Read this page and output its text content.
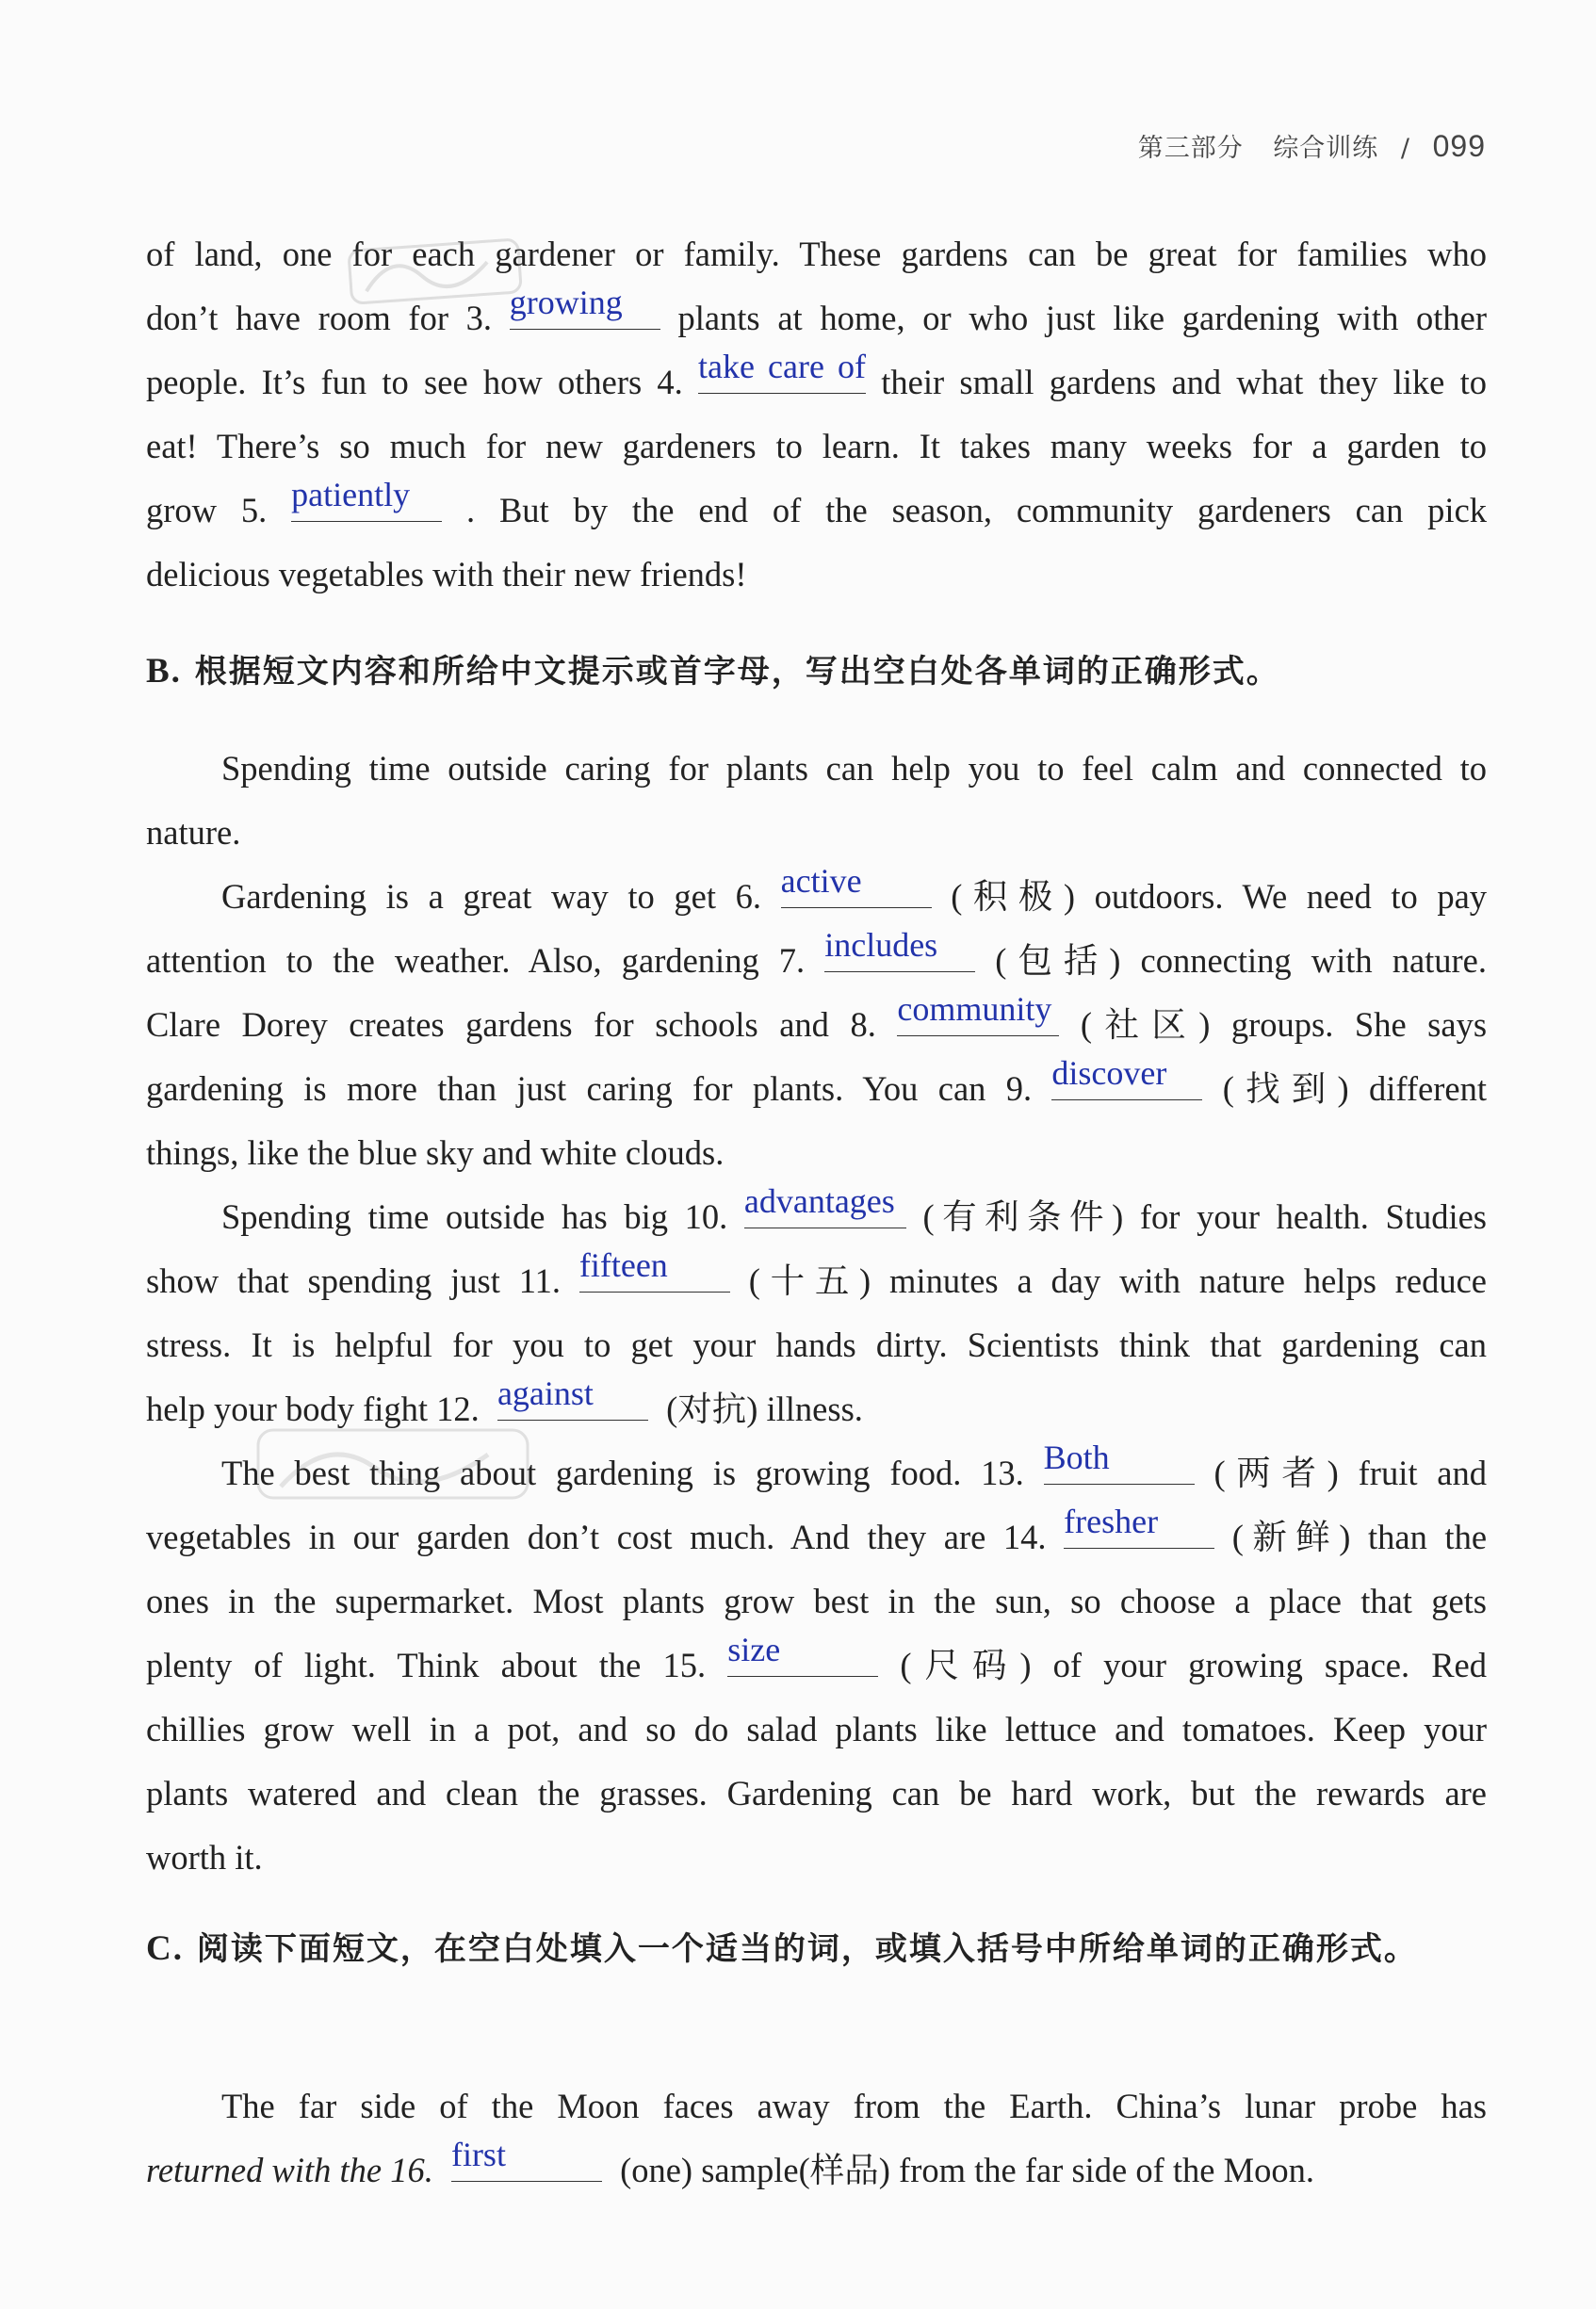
第三部分 综合训练 / 099
of land, one for each gardener or family. These gardens can be great for families who
don’t have room for 3. growing	plants at home, or who just like gardening with other
people. It’s fun to see how others 4. take care of their small gardens and what they like to
eat! There’s so much for new gardeners to learn. It takes many weeks for a garden to
grow 5. patiently	. But by the end of the season, community gardeners can pick
delicious vegetables with their new friends!
B. 根据短文内容和所给中文提示或首字母，写出空白处各单词的正确形式。
Spending time outside caring for plants can help you to feel calm and connected to
nature.
Gardening is a great way to get 6. active	(积极) outdoors. We need to pay
attention to the weather. Also, gardening 7. includes	(包括) connecting with nature.
Clare Dorey creates gardens for schools and 8. community (社区) groups. She says
gardening is more than just caring for plants. You can 9. discover	(找到) different
things, like the blue sky and white clouds.
Spending time outside has big 10. advantages (有利条件) for your health. Studies
show that spending just 11. fifteen	(十五) minutes a day with nature helps reduce
stress. It is helpful for you to get your hands dirty. Scientists think that gardening can
help your body fight 12. against	(对抗) illness.
The best thing about gardening is growing food. 13. Both	(两者) fruit and
vegetables in our garden don’t cost much. And they are 14. fresher	(新鲜) than the
ones in the supermarket. Most plants grow best in the sun, so choose a place that gets
plenty of light. Think about the 15. size	(尺码) of your growing space. Red
chillies grow well in a pot, and so do salad plants like lettuce and tomatoes. Keep your
plants watered and clean the grasses. Gardening can be hard work, but the rewards are
worth it.
C. 阅读下面短文，在空白处填入一个适当的词，或填入括号中所给单词的正确形式。
The far side of the Moon faces away from the Earth. China’s lunar probe has
returned with the 16. first	(one) sample(样品) from the far side of the Moon.
